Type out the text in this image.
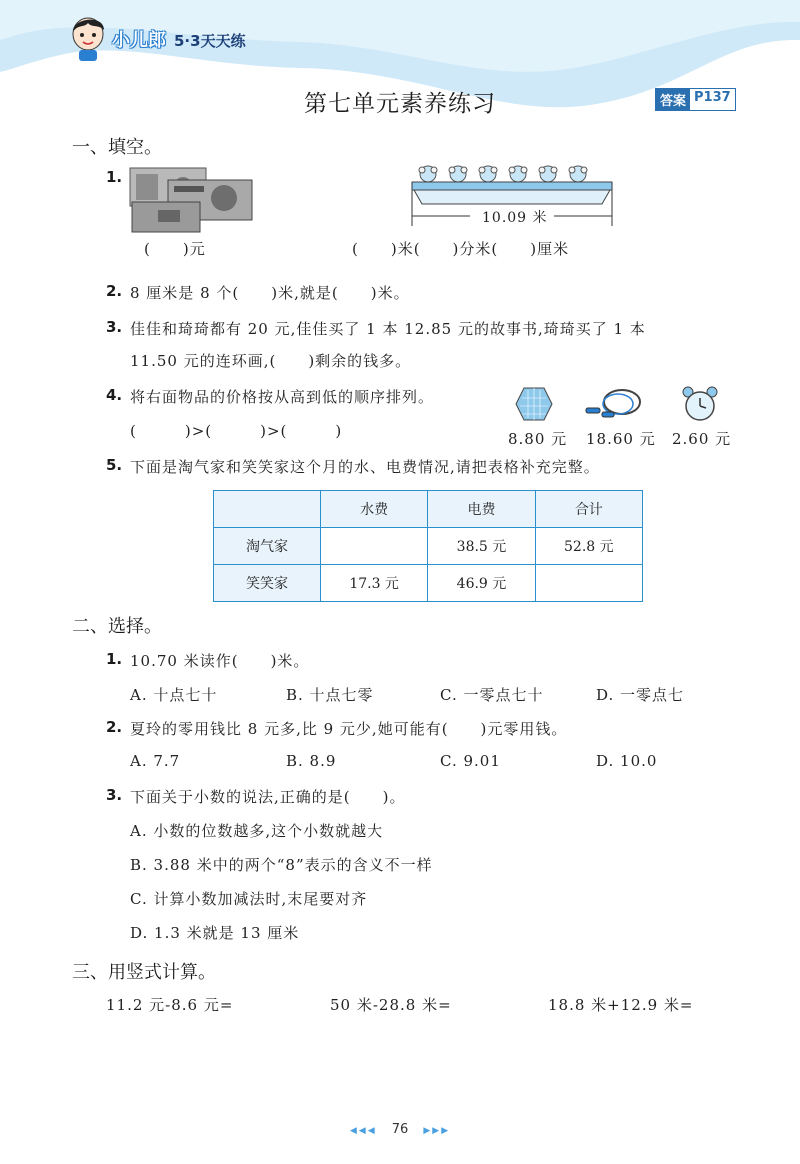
小儿郎 5·3天天练
第七单元素养练习	答案 P137
一、填空。
1.
(　　)元
10.09 米
(　　)米(　　)分米(　　)厘米
2. 8 厘米是 8 个(　　)米,就是(　　)米。
3. 佳佳和琦琦都有 20 元,佳佳买了 1 本 12.85 元的故事书,琦琦买了 1 本
11.50 元的连环画,(　　)剩余的钱多。
4. 将右面物品的价格按从高到低的顺序排列。
(　　　)>(　　　)>(　　　)	8.80 元 18.60 元 2.60 元
5. 下面是淘气家和笑笑家这个月的水、电费情况,请把表格补充完整。
	水费	电费	合计
淘气家		38.5 元	52.8 元
笑笑家	17.3 元	46.9 元	
二、选择。
1. 10.70 米读作(　　)米。
A. 十点七十	B. 十点七零	C. 一零点七十	D. 一零点七
2. 夏玲的零用钱比 8 元多,比 9 元少,她可能有(　　)元零用钱。
A. 7.7	B. 8.9	C. 9.01	D. 10.0
3. 下面关于小数的说法,正确的是(　　)。
A. 小数的位数越多,这个小数就越大
B. 3.88 米中的两个“8”表示的含义不一样
C. 计算小数加减法时,末尾要对齐
D. 1.3 米就是 13 厘米
三、用竖式计算。
11.2 元-8.6 元=	50 米-28.8 米=	18.8 米+12.9 米=
◀◀◀ 76 ▶▶▶
